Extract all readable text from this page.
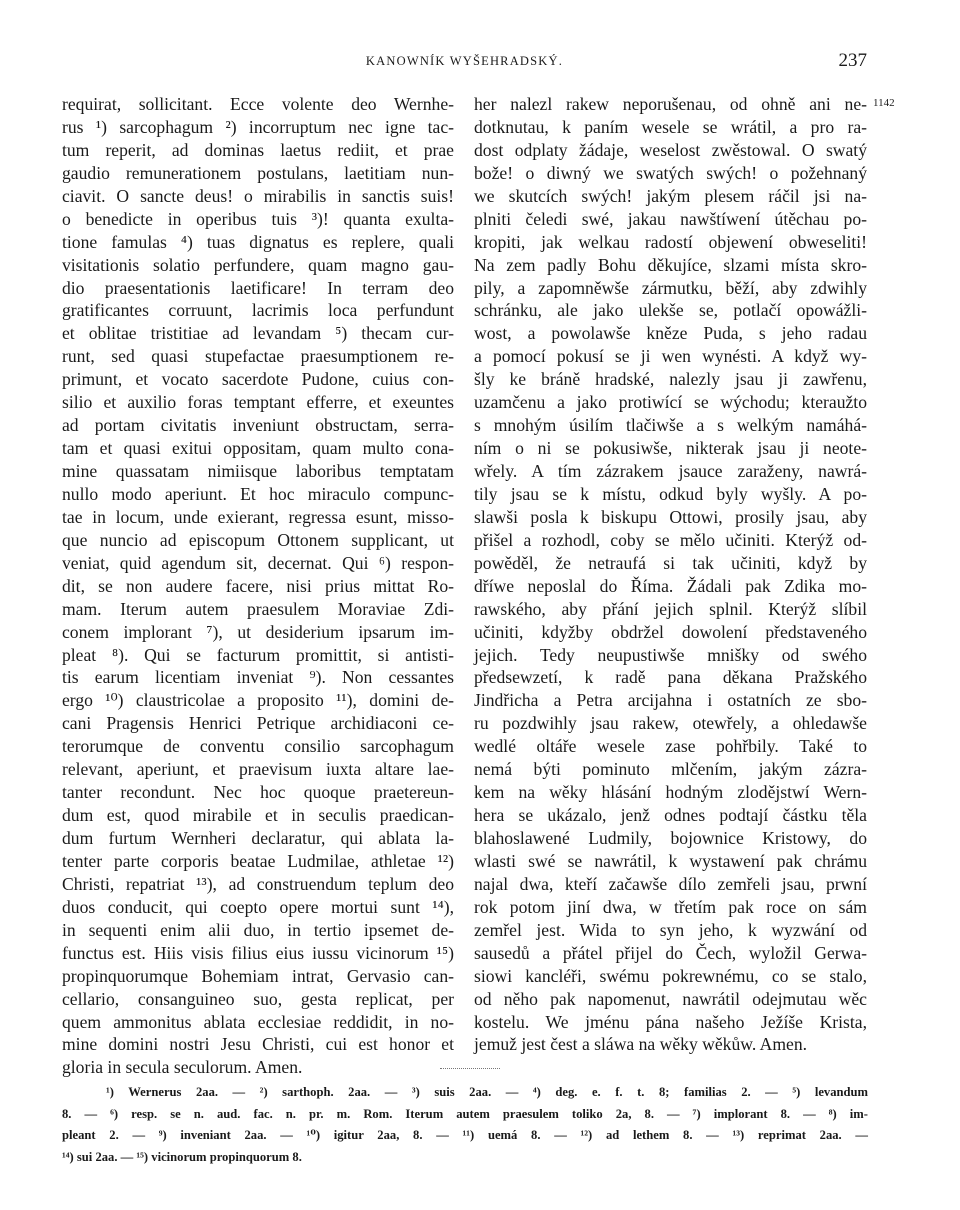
KANOWNÍK WYŠEHRADSKÝ.	237
1142
requirat, sollicitant. Ecce volente deo Wernhe-
rus ¹) sarcophagum ²) incorruptum nec igne tac-
tum reperit, ad dominas laetus rediit, et prae
gaudio remunerationem postulans, laetitiam nun-
ciavit. O sancte deus! o mirabilis in sanctis suis!
o benedicte in operibus tuis ³)! quanta exulta-
tione famulas ⁴) tuas dignatus es replere, quali
visitationis solatio perfundere, quam magno gau-
dio praesentationis laetificare! In terram deo
gratificantes corruunt, lacrimis loca perfundunt
et oblitae tristitiae ad levandam ⁵) thecam cur-
runt, sed quasi stupefactae praesumptionem re-
primunt, et vocato sacerdote Pudone, cuius con-
silio et auxilio foras temptant efferre, et exeuntes
ad portam civitatis inveniunt obstructam, serra-
tam et quasi exitui oppositam, quam multo cona-
mine quassatam nimiisque laboribus temptatam
nullo modo aperiunt. Et hoc miraculo compunc-
tae in locum, unde exierant, regressa esunt, misso-
que nuncio ad episcopum Ottonem supplicant, ut
veniat, quid agendum sit, decernat. Qui ⁶) respon-
dit, se non audere facere, nisi prius mittat Ro-
mam. Iterum autem praesulem Moraviae Zdi-
conem implorant ⁷), ut desiderium ipsarum im-
pleat ⁸). Qui se facturum promittit, si antisti-
tis earum licentiam inveniat ⁹). Non cessantes
ergo ¹⁰) claustricolae a proposito ¹¹), domini de-
cani Pragensis Henrici Petrique archidiaconi ce-
terorumque de conventu consilio sarcophagum
relevant, aperiunt, et praevisum iuxta altare lae-
tanter recondunt. Nec hoc quoque praetereun-
dum est, quod mirabile et in seculis praedican-
dum furtum Wernheri declaratur, qui ablata la-
tenter parte corporis beatae Ludmilae, athletae ¹²)
Christi, repatriat ¹³), ad construendum teplum deo
duos conducit, qui coepto opere mortui sunt ¹⁴),
in sequenti enim alii duo, in tertio ipsemet de-
functus est. Hiis visis filius eius iussu vicinorum ¹⁵)
propinquorumque Bohemiam intrat, Gervasio can-
cellario, consanguineo suo, gesta replicat, per
quem ammonitus ablata ecclesiae reddidit, in no-
mine domini nostri Jesu Christi, cui est honor et
gloria in secula seculorum. Amen.
her nalezl rakew neporušenau, od ohně ani ne-
dotknutau, k paním wesele se wrátil, a pro ra-
dost odplaty žádaje, weselost zwěstowal. O swatý
bože! o diwný we swatých swých! o požehnaný
we skutcích swých! jakým plesem ráčil jsi na-
plniti čeledi swé, jakau nawštíwení útěchau po-
kropiti, jak welkau radostí objewení obweseliti!
Na zem padly Bohu děkujíce, slzami místa skro-
pily, a zapomněwše zármutku, běží, aby zdwihly
schránku, ale jako ulekše se, potlačí opowážli-
wost, a powolawše kněze Puda, s jeho radau
a pomocí pokusí se ji wen wynésti. A když wy-
šly ke bráně hradské, nalezly jsau ji zawřenu,
uzamčenu a jako protiwící se wýchodu; kteraužto
s mnohým úsilím tlačiwše a s welkým namáhá-
ním o ni se pokusiwše, nikterak jsau ji neote-
wřely. A tím zázrakem jsauce zaraženy, nawrá-
tily jsau se k místu, odkud byly wyšly. A po-
slawši posla k biskupu Ottowi, prosily jsau, aby
přišel a rozhodl, coby se mělo učiniti. Kterýž od-
powěděl, že netraufá si tak učiniti, když by
dříwe neposlal do Říma. Žádali pak Zdika mo-
rawského, aby přání jejich splnil. Kterýž slíbil
učiniti, kdyžby obdržel dowolení představeného
jejich. Tedy neupustiwše mnišky od swého
předsewzetí, k radě pana děkana Pražského
Jindřicha a Petra arcijahna i ostatních ze sbo-
ru pozdwihly jsau rakew, otewřely, a ohledawše
wedlé oltáře wesele zase pohřbily. Také to
nemá býti pominuto mlčením, jakým zázra-
kem na wěky hlásání hodným zlodějstwí Wern-
hera se ukázalo, jenž odnes podtají částku těla
blahoslawené Ludmily, bojownice Kristowy, do
wlasti swé se nawrátil, k wystawení pak chrámu
najal dwa, kteří začawše dílo zemřeli jsau, prwní
rok potom jiní dwa, w třetím pak roce on sám
zemřel jest. Wida to syn jeho, k wyzwání od
sausedů a přátel přijel do Čech, wyložil Gerwa-
siowi kancléři, swému pokrewnému, co se stalo,
od něho pak napomenut, nawrátil odejmutau wěc
kostelu. We jménu pána našeho Ježíše Krista,
jemuž jest čest a sláwa na wěky wěkůw. Amen.
¹) Wernerus 2aa. — ²) sarthoph. 2aa. — ³) suis 2aa. — ⁴) deg. e. f. t. 8; familias 2. — ⁵) levandum
8. — ⁶) resp. se n. aud. fac. n. pr. m. Rom. Iterum autem praesulem toliko 2a, 8. — ⁷) implorant 8. — ⁸) im-
pleant 2. — ⁹) inveniant 2aa. — ¹⁰) igitur 2aa, 8. — ¹¹) uemá 8. — ¹²) ad lethem 8. — ¹³) reprimat 2aa. —
¹⁴) sui 2aa. — ¹⁵) vicinorum propinquorum 8.
